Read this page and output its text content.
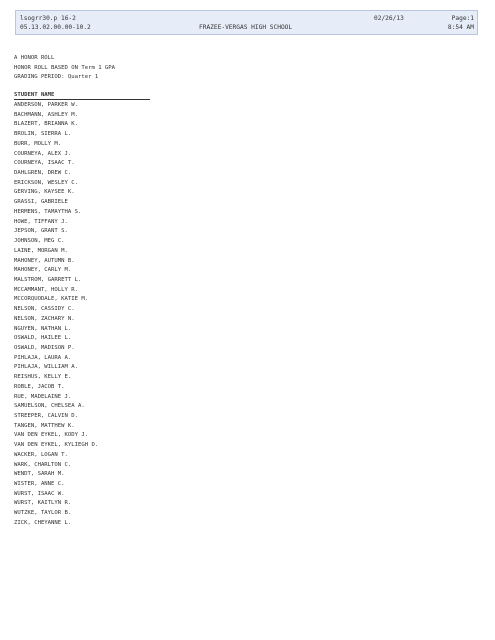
lsogrr30.p 16-2	02/26/13	Page:1
05.13.02.00.00-10.2	FRAZEE-VERGAS HIGH SCHOOL	8:54 AM
A HONOR ROLL
HONOR ROLL BASED ON Term 1 GPA
GRADING PERIOD: Quarter 1
STUDENT NAME
ANDERSON, PARKER W.
BACHMANN, ASHLEY M.
BLAZERT, BRIANNA K.
BROLIN, SIERRA L.
BURR, MOLLY M.
COURNEYA, ALEX J.
COURNEYA, ISAAC T.
DAHLGREN, DREW C.
ERICKSON, WESLEY C.
GERVING, KAYSEE K.
GRASSI, GABRIELE
HERMENS, TAMAYTHA S.
HOWE, TIFFANY J.
JEPSON, GRANT S.
JOHNSON, MEG C.
LAINE, MORGAN M.
MAHONEY, AUTUMN B.
MAHONEY, CARLY M.
MALSTROM, GARRETT L.
MCCAMMANT, HOLLY R.
MCCORQUODALE, KATIE M.
NELSON, CASSIDY C.
NELSON, ZACHARY N.
NGUYEN, NATHAN L.
OSWALD, HAILEE L.
OSWALD, MADISON P.
PIHLAJA, LAURA A.
PIHLAJA, WILLIAM A.
REISHUS, KELLY E.
ROBLE, JACOB T.
RUE, MADELAINE J.
SAMUELSON, CHELSEA A.
STREEPER, CALVIN D.
TANGEN, MATTHEW K.
VAN DEN EYKEL, KODY J.
VAN DEN EYKEL, KYLIEGH D.
WACKER, LOGAN T.
WARK, CHARLTON C.
WENDT, SARAH M.
WISTER, ANNE C.
WURST, ISAAC W.
WURST, KAITLYN R.
WUTZKE, TAYLOR B.
ZICK, CHEYANNE L.
